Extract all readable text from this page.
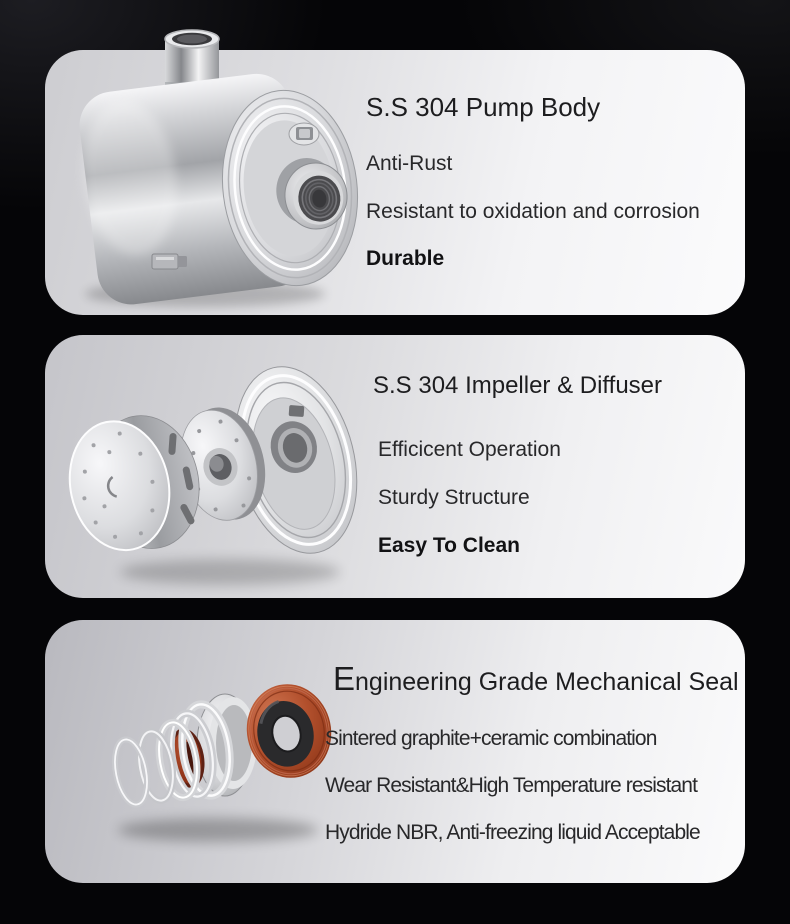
S.S 304 Pump Body
Anti-Rust
Resistant to oxidation and corrosion
Durable
S.S 304 Impeller & Diffuser
Efficicent Operation
Sturdy Structure
Easy To Clean
Engineering Grade Mechanical Seal
Sintered graphite+ceramic combination
Wear Resistant&High Temperature resistant
Hydride NBR, Anti-freezing liquid Acceptable
